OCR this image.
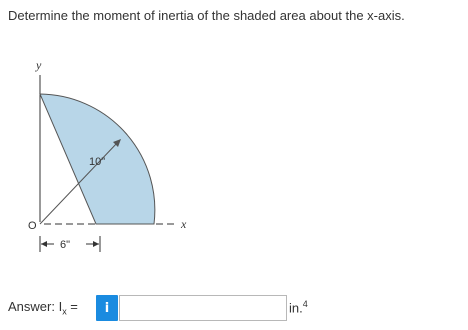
Determine the moment of inertia of the shaded area about the x-axis.
y
x
O
10"
6"
Answer: $I_x$ =	i	in.$^4$
